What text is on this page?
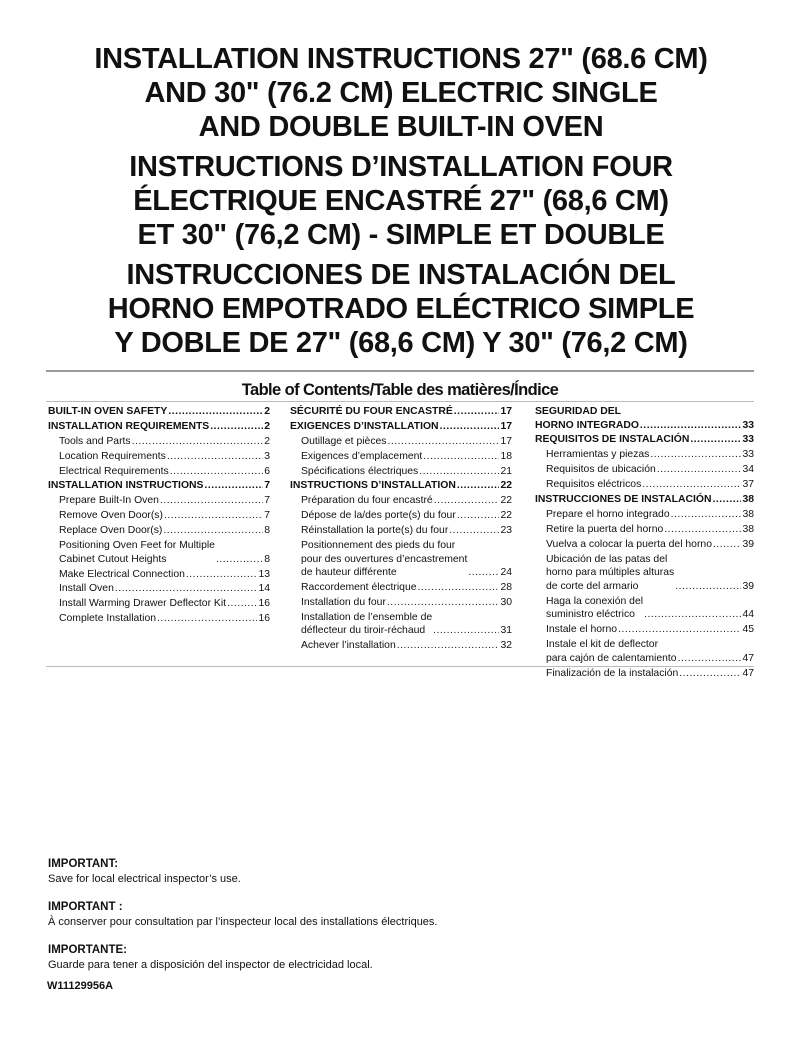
INSTALLATION INSTRUCTIONS 27" (68.6 CM)
AND 30" (76.2 CM) ELECTRIC SINGLE
AND DOUBLE BUILT-IN OVEN
INSTRUCTIONS D’INSTALLATION FOUR
ÉLECTRIQUE ENCASTRÉ 27" (68,6 CM)
ET 30" (76,2 CM) - SIMPLE ET DOUBLE
INSTRUCCIONES DE INSTALACIÓN DEL
HORNO EMPOTRADO ELÉCTRICO SIMPLE
Y DOBLE DE 27" (68,6 CM) Y 30" (76,2 CM)
Table of Contents/Table des matières/Índice
BUILT-IN OVEN SAFETY .....	2
INSTALLATION REQUIREMENTS .....	2
Tools and Parts .....	2
Location Requirements .....	3
Electrical Requirements .....	6
INSTALLATION INSTRUCTIONS .....	7
Prepare Built-In Oven .....	7
Remove Oven Door(s) .....	7
Replace Oven Door(s) .....	8
Positioning Oven Feet for Multiple
Cabinet Cutout Heights .....	8
Make Electrical Connection .....	13
Install Oven .....	14
Install Warming Drawer Deflector Kit .....	16
Complete Installation .....	16
SÉCURITÉ DU FOUR ENCASTRÉ .....	17
EXIGENCES D’INSTALLATION .....	17
Outillage et pièces .....	17
Exigences d’emplacement .....	18
Spécifications électriques .....	21
INSTRUCTIONS D’INSTALLATION .....	22
Préparation du four encastré .....	22
Dépose de la/des porte(s) du four .....	22
Réinstallation la porte(s) du four .....	23
Positionnement des pieds du four
pour des ouvertures d’encastrement
de hauteur différente .....	24
Raccordement électrique .....	28
Installation du four .....	30
Installation de l’ensemble de
déflecteur du tiroir-réchaud .....	31
Achever l’installation .....	32
SEGURIDAD DEL
HORNO INTEGRADO .....	33
REQUISITOS DE INSTALACIÓN .....	33
Herramientas y piezas .....	33
Requisitos de ubicación .....	34
Requisitos eléctricos .....	37
INSTRUCCIONES DE INSTALACIÓN .....	38
Prepare el horno integrado .....	38
Retire la puerta del horno .....	38
Vuelva a colocar la puerta del horno .....	39
Ubicación de las patas del
horno para múltiples alturas
de corte del armario .....	39
Haga la conexión del
suministro eléctrico .....	44
Instale el horno .....	45
Instale el kit de deflector
para cajón de calentamiento .....	47
Finalización de la instalación .....	47
IMPORTANT:
Save for local electrical inspector’s use.
IMPORTANT :
À conserver pour consultation par l’inspecteur local des installations électriques.
IMPORTANTE:
Guarde para tener a disposición del inspector de electricidad local.
W11129956A
